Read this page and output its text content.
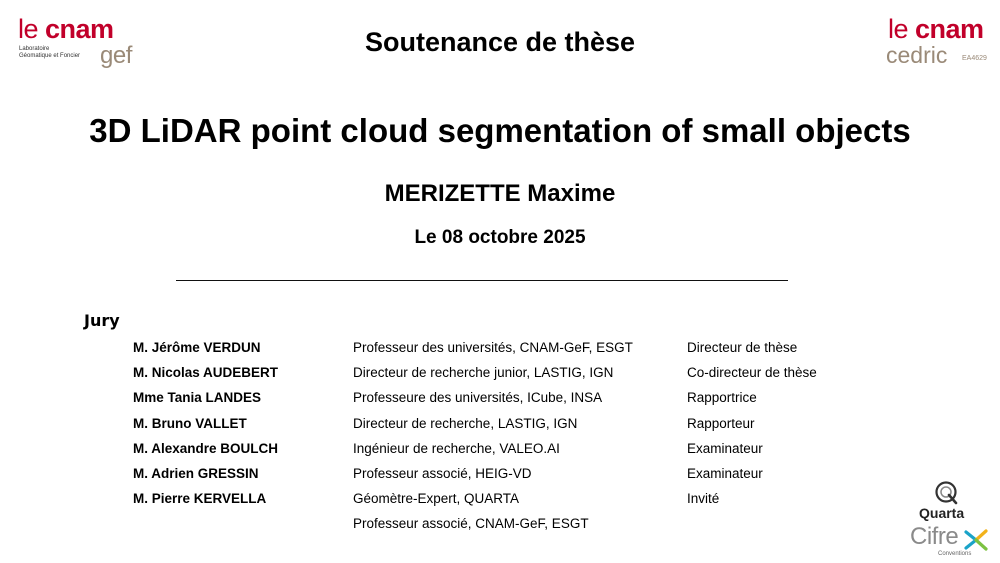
le cnam
Laboratoire
Géomatique et Foncier gef	Soutenance de thèse	le cnam
cedric EA4629
3D LiDAR point cloud segmentation of small objects
MERIZETTE Maxime
Le 08 octobre 2025
Jury
M. Jérôme VERDUN	Professeur des universités, CNAM-GeF, ESGT	Directeur de thèse
M. Nicolas AUDEBERT	Directeur de recherche junior, LASTIG, IGN	Co-directeur de thèse
Mme Tania LANDES	Professeure des universités, ICube, INSA	Rapportrice
M. Bruno VALLET	Directeur de recherche, LASTIG, IGN	Rapporteur
M. Alexandre BOULCH	Ingénieur de recherche, VALEO.AI	Examinateur
M. Adrien GRESSIN	Professeur associé, HEIG-VD	Examinateur
M. Pierre KERVELLA	Géomètre-Expert, QUARTA	Invité
Professeur associé, CNAM-GeF, ESGT
Quarta
Cifre
Conventions
